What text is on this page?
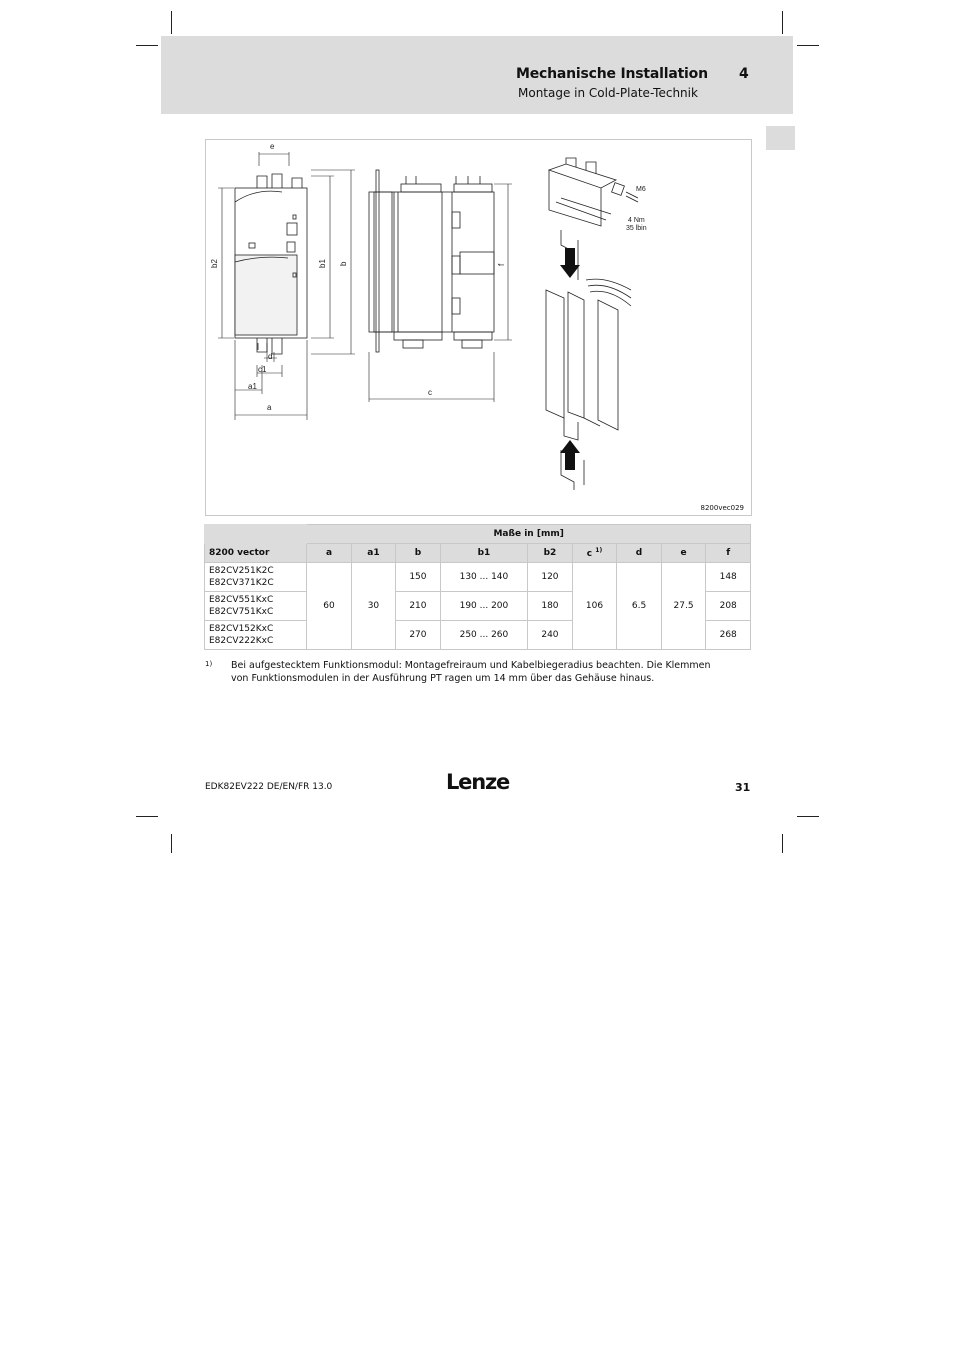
Mechanische Installation 4
Montage in Cold-Plate-Technik
e
b2	b1 b
d
c1
a1
a
c
f
M6
4 Nm
35 lbin
8200vec029
	Maße in [mm]								
8200 vector	a	a1	b	b1	b2	c $^{1)}$	d	e	f
E82CV251K2C
E82CV371K2C	60	30	150	130 ... 140	120	106	6.5	27.5	148
E82CV551KxC
E82CV751KxC			210	190 ... 200	180				208
E82CV152KxC
E82CV222KxC			270	250 ... 260	240				268
1) Bei aufgestecktem Funktionsmodul: Montagefreiraum und Kabelbiegeradius beachten. Die Klemmen von Funktionsmodulen in der Ausführung PT ragen um 14 mm über das Gehäuse hinaus.
EDK82EV222 DE/EN/FR 13.0	Lenze	31
